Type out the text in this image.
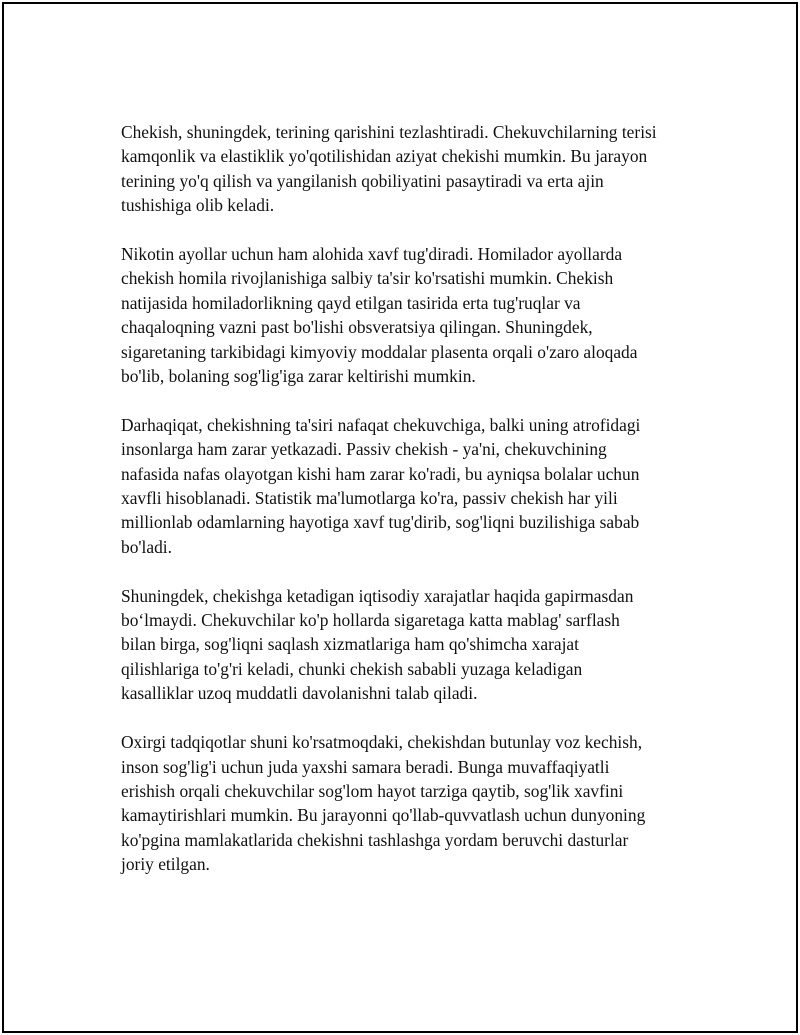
Chekish, shuningdek, terining qarishini tezlashtiradi. Chekuvchilarning terisi
kamqonlik va elastiklik yo'qotilishidan aziyat chekishi mumkin. Bu jarayon
terining yo'q qilish va yangilanish qobiliyatini pasaytiradi va erta ajin
tushishiga olib keladi.

Nikotin ayollar uchun ham alohida xavf tug'diradi. Homilador ayollarda
chekish homila rivojlanishiga salbiy ta'sir ko'rsatishi mumkin. Chekish
natijasida homiladorlikning qayd etilgan tasirida erta tug'ruqlar va
chaqaloqning vazni past bo'lishi obsveratsiya qilingan. Shuningdek,
sigaretaning tarkibidagi kimyoviy moddalar plasenta orqali o'zaro aloqada
bo'lib, bolaning sog'lig'iga zarar keltirishi mumkin.

Darhaqiqat, chekishning ta'siri nafaqat chekuvchiga, balki uning atrofidagi
insonlarga ham zarar yetkazadi. Passiv chekish - ya'ni, chekuvchining
nafasida nafas olayotgan kishi ham zarar ko'radi, bu ayniqsa bolalar uchun
xavfli hisoblanadi. Statistik ma'lumotlarga ko'ra, passiv chekish har yili
millionlab odamlarning hayotiga xavf tug'dirib, sog'liqni buzilishiga sabab
bo'ladi.

Shuningdek, chekishga ketadigan iqtisodiy xarajatlar haqida gapirmasdan
bo‘lmaydi. Chekuvchilar ko'p hollarda sigaretaga katta mablag' sarflash
bilan birga, sog'liqni saqlash xizmatlariga ham qo'shimcha xarajat
qilishlariga to'g'ri keladi, chunki chekish sababli yuzaga keladigan
kasalliklar uzoq muddatli davolanishni talab qiladi.

Oxirgi tadqiqotlar shuni ko'rsatmoqdaki, chekishdan butunlay voz kechish,
inson sog'lig'i uchun juda yaxshi samara beradi. Bunga muvaffaqiyatli
erishish orqali chekuvchilar sog'lom hayot tarziga qaytib, sog'lik xavfini
kamaytirishlari mumkin. Bu jarayonni qo'llab-quvvatlash uchun dunyoning
ko'pgina mamlakatlarida chekishni tashlashga yordam beruvchi dasturlar
joriy etilgan.
